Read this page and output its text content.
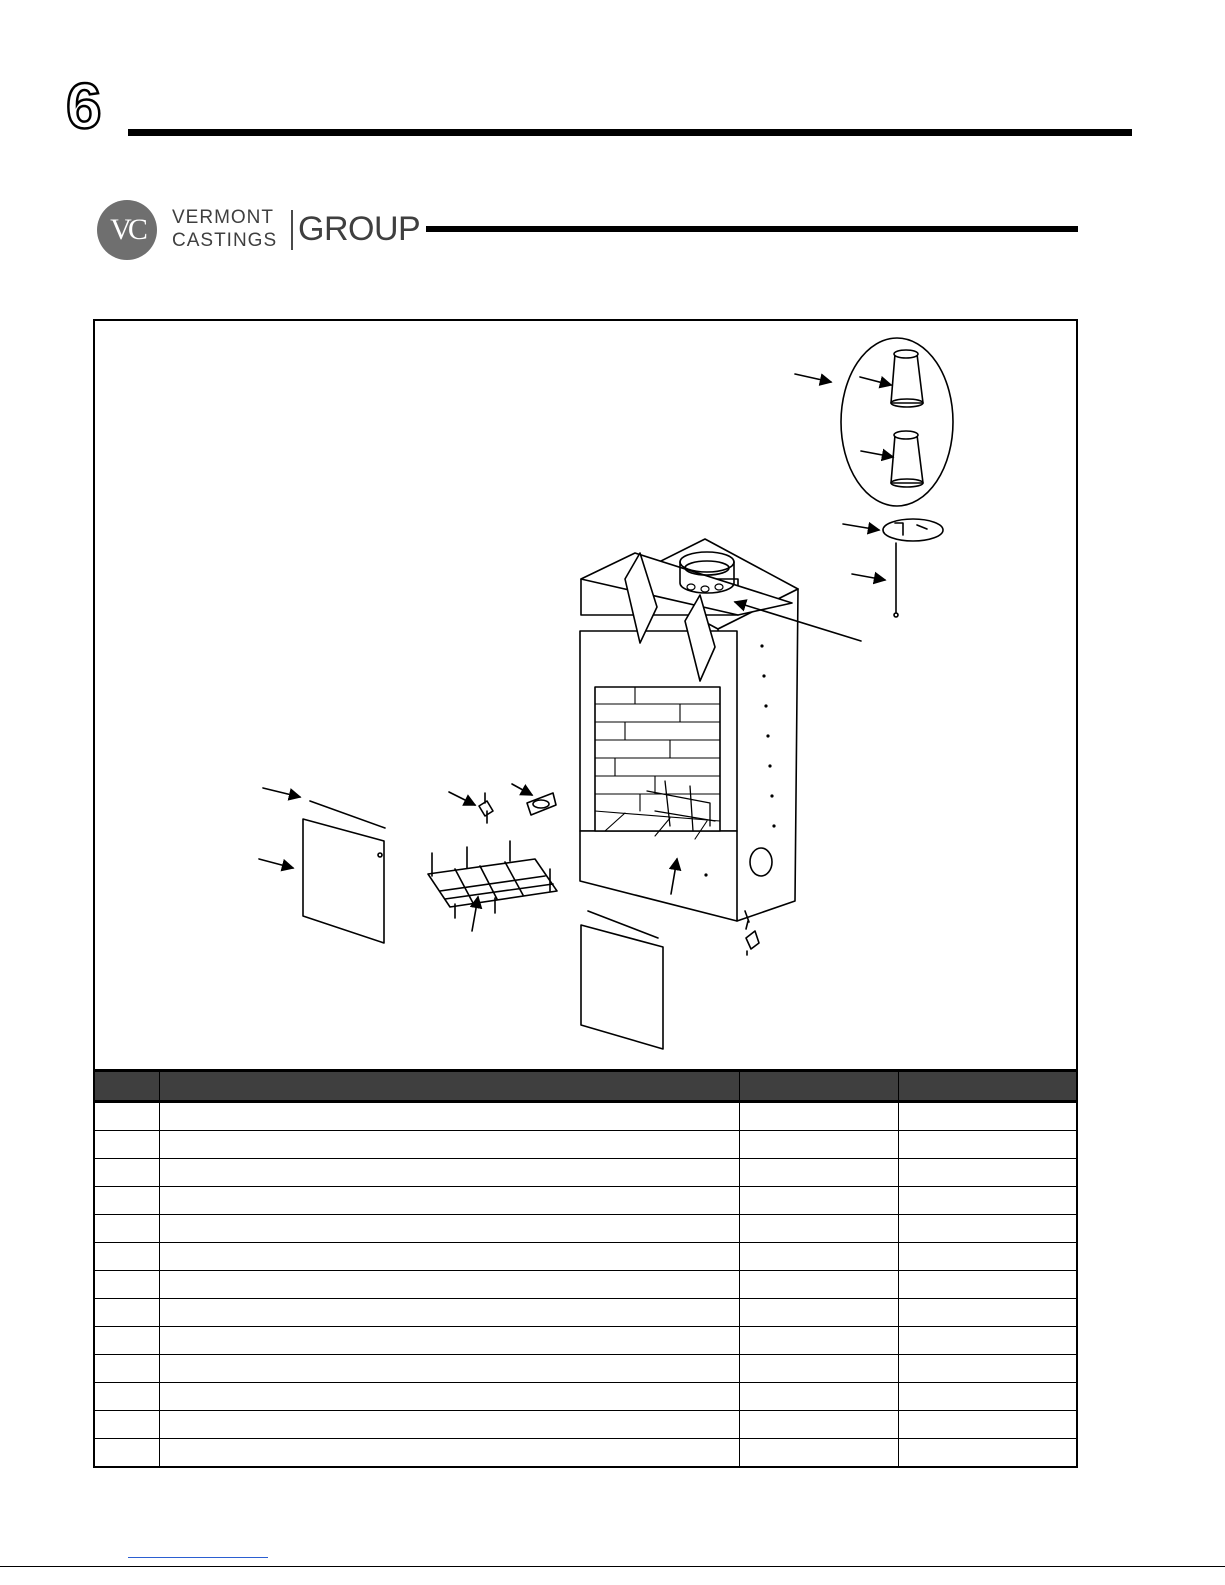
6
VC	VERMONT
CASTINGS GROUP
